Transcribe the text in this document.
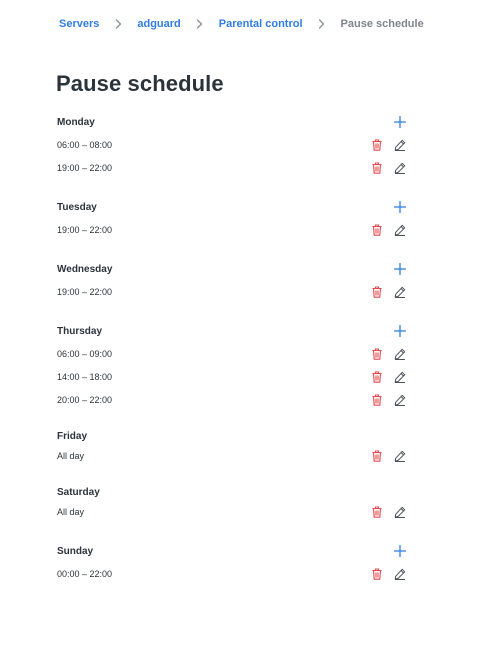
Servers	adguard	Parental control	Pause schedule
Pause schedule
Monday
06:00 – 08:00
19:00 – 22:00
Tuesday
19:00 – 22:00
Wednesday
19:00 – 22:00
Thursday
06:00 – 09:00
14:00 – 18:00
20:00 – 22:00
Friday
All day
Saturday
All day
Sunday
00:00 – 22:00
